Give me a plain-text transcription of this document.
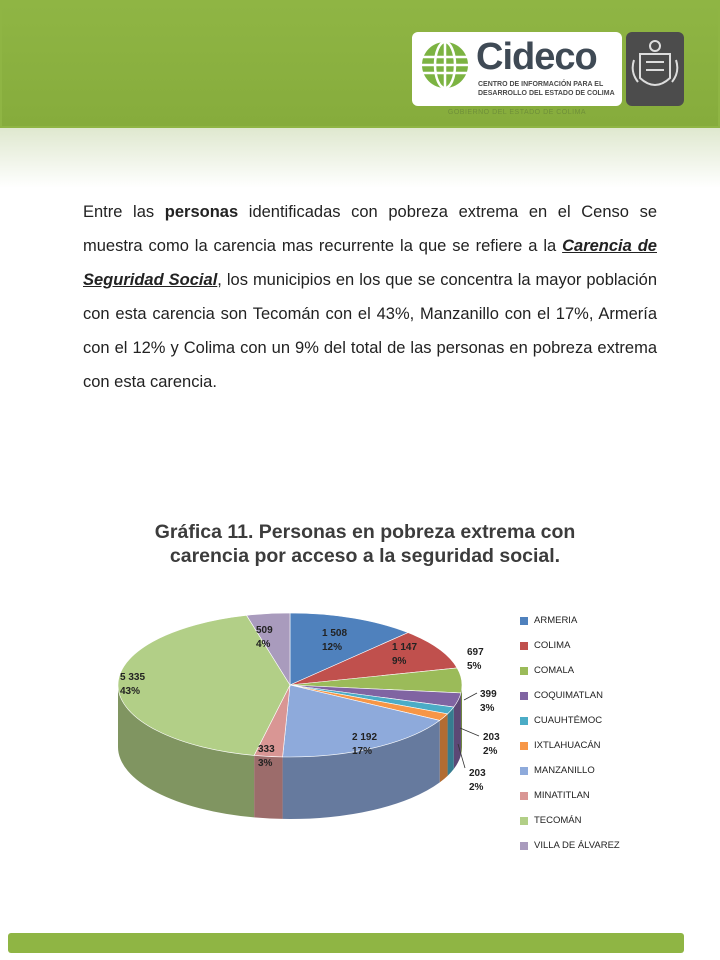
Cideco
CENTRO DE INFORMACIÓN PARA EL DESARROLLO DEL ESTADO DE COLIMA
GOBIERNO DEL ESTADO DE COLIMA
Entre las personas identificadas con pobreza extrema en el Censo se muestra como la carencia mas recurrente la que se refiere a la Carencia de Seguridad Social, los municipios en los que se concentra la mayor población con esta carencia son Tecomán con el 43%, Manzanillo con el 17%, Armería con el 12% y Colima con un 9% del total de las personas en pobreza extrema con esta carencia.
Gráfica 11. Personas en pobreza extrema con carencia por acceso a la seguridad social.
1 508
12%	1 147
9%
697
5%
399
3%
203
2%
203
2%
2 192
17%
333
3%
5 335
43%
509
4%
ARMERIA
COLIMA
COMALA
COQUIMATLAN
CUAUHTÉMOC
IXTLAHUACÁN
MANZANILLO
MINATITLAN
TECOMÁN
VILLA DE ÁLVAREZ
